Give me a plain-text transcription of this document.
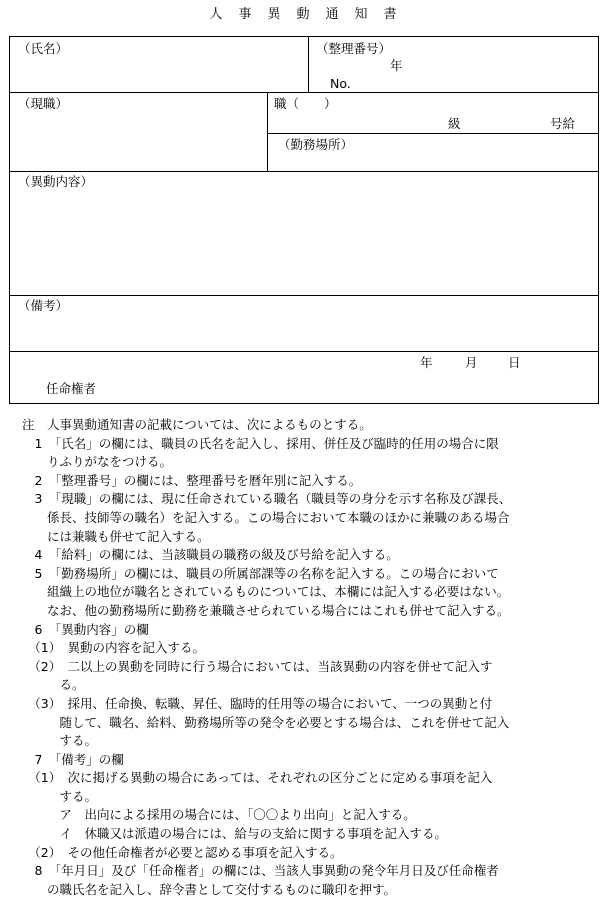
人事異動通知書
（氏名）	（整理番号）
年
No.
（現職）	職（　　）
級	号給
（勤務場所）
（異動内容）
（備考）
年	月 日
任命権者
注　人事異動通知書の記載については、次によるものとする。
　1　「氏名」の欄には、職員の氏名を記入し、採用、併任及び臨時的任用の場合に限
　　りふりがなをつける。
　2　「整理番号」の欄には、整理番号を暦年別に記入する。
　3　「現職」の欄には、現に任命されている職名（職員等の身分を示す名称及び課長、
　　係長、技師等の職名）を記入する。この場合において本職のほかに兼職のある場合
　　には兼職も併せて記入する。
　4　「給料」の欄には、当該職員の職務の級及び号給を記入する。
　5　「勤務場所」の欄には、職員の所属部課等の名称を記入する。この場合において
　　組織上の地位が職名とされているものについては、本欄には記入する必要はない。
　　なお、他の勤務場所に勤務を兼職させられている場合にはこれも併せて記入する。
　6　「異動内容」の欄
　（1）　異動の内容を記入する。
　（2）　二以上の異動を同時に行う場合においては、当該異動の内容を併せて記入す
　　　る。
　（3）　採用、任命換、転職、昇任、臨時的任用等の場合において、一つの異動と付
　　　随して、職名、給料、勤務場所等の発令を必要とする場合は、これを併せて記入
　　　する。
　7　「備考」の欄
　（1）　次に掲げる異動の場合にあっては、それぞれの区分ごとに定める事項を記入
　　　する。
　　　ア　出向による採用の場合には、「〇〇より出向」と記入する。
　　　イ　休職又は派遣の場合には、給与の支給に関する事項を記入する。
　（2）　その他任命権者が必要と認める事項を記入する。
　8　「年月日」及び「任命権者」の欄には、当該人事異動の発令年月日及び任命権者
　　の職氏名を記入し、辞令書として交付するものに職印を押す。
